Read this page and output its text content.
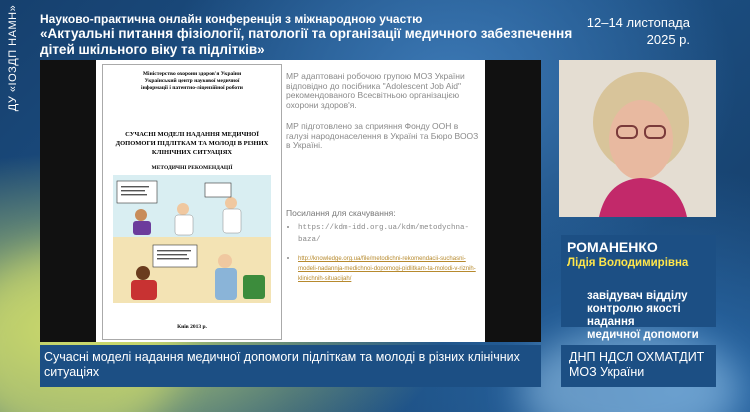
ДУ «ІОЗДП НАМН» Науково-практична онлайн конференція з міжнародною участю
«Актуальні питання фізіології, патології та організації медичного забезпечення
дітей шкільного віку та підлітків»
12–14 листопада
2025 р.
Міністерство охорони здоров'я України
Український центр наукової медичної
інформації і патентно-ліцензійної роботи
СУЧАСНІ МОДЕЛІ НАДАННЯ МЕДИЧНОЇ ДОПОМОГИ ПІДЛІТКАМ ТА МОЛОДІ В РІЗНИХ КЛІНІЧНИХ СИТУАЦІЯХ
МЕТОДИЧНІ РЕКОМЕНДАЦІЇ
Київ 2013 р.

МР адаптовані робочою групою МОЗ України відповідно до посібника "Adolescent Job Aid" рекомендованого Всесвітньою організацією охорони здоров'я.

МР підготовлено за сприяння Фонду ООН в галузі народонаселення в Україні та Бюро ВООЗ в Україні.

Посилання для скачування:
• https://kdm-idd.org.ua/kdm/metodychna-baza/
• http://knowledge.org.ua/file/metodichni-rekomendacii-suchasni-modeli-nadannja-medichnoi-dopomogi-pidlitkam-ta-molodi-v-riznih-klinichnih-situacijah/
Сучасні моделі надання медичної допомоги підліткам та молоді в різних клінічних ситуаціях
РОМАНЕНКО
Лідія Володимирівна
завідувач відділу
контролю якості надання
медичної допомоги
ДНП НДСЛ ОХМАТДИТ
МОЗ України
